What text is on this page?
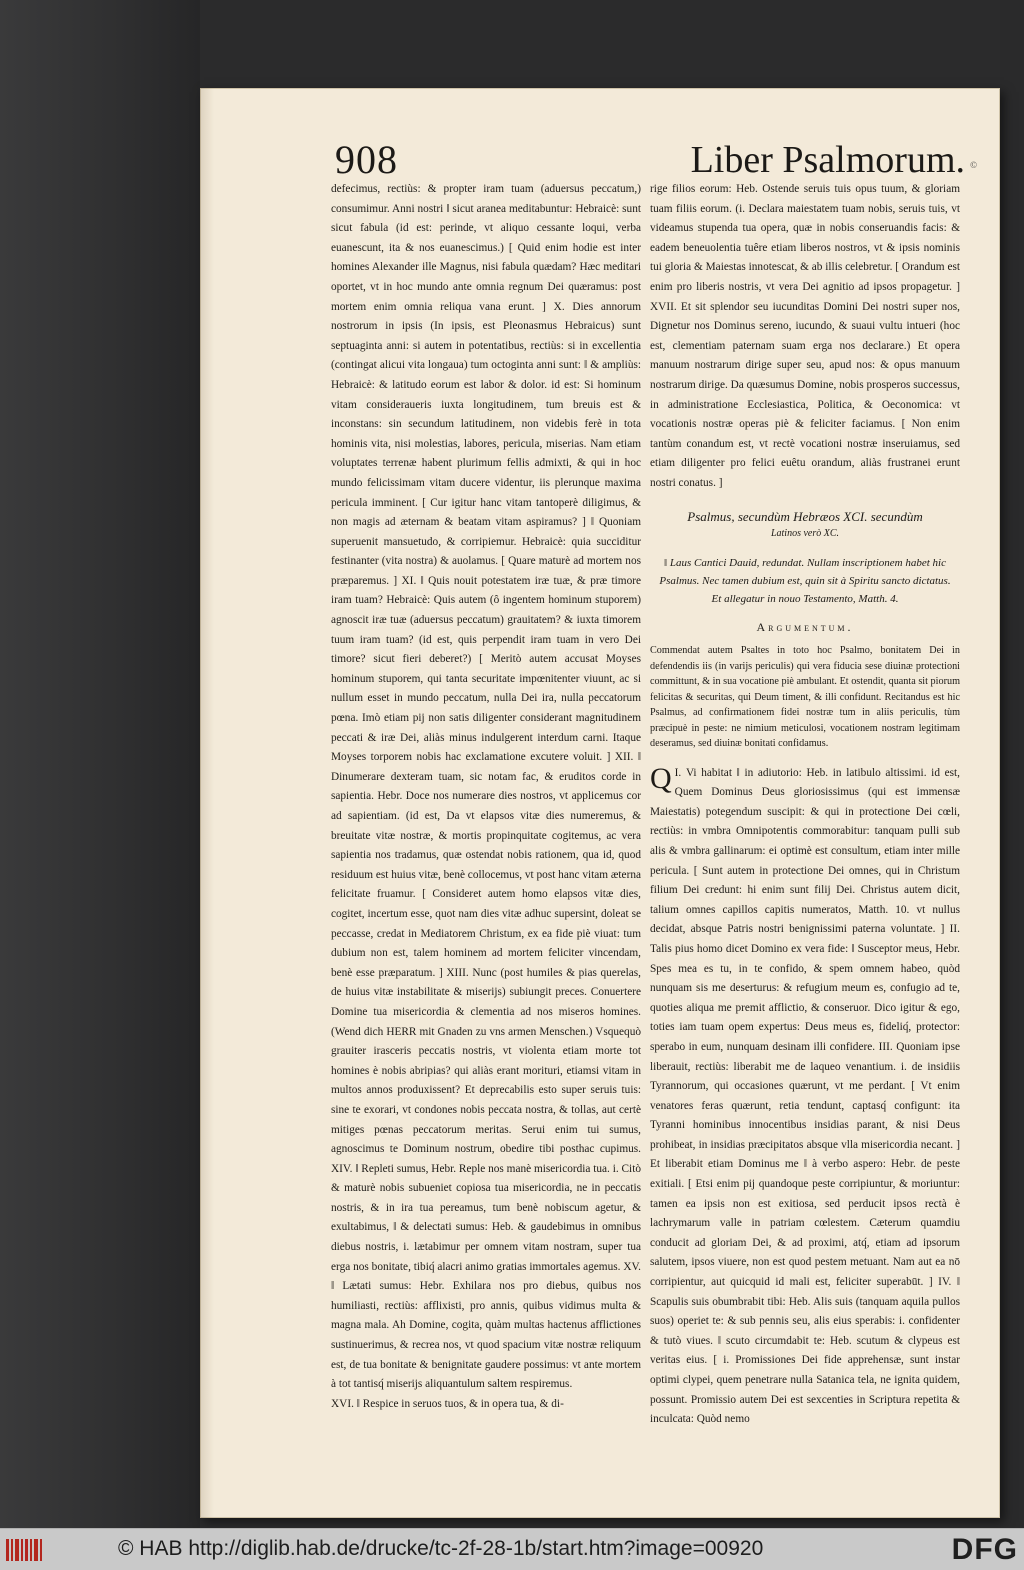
908	Liber Psalmorum. ©

defecimus, rectiùs: & propter iram tuam (aduersus peccatum,) consumimur. Anni nostri ‖ sicut aranea meditabuntur: Hebraicè: sunt sicut fabula (id est: perinde, vt aliquo cessante loqui, verba euanescunt, ita & nos euanescimus.) [ Quid enim hodie est inter homines Alexander ille Magnus, nisi fabula quædam? Hæc meditari oportet, vt in hoc mundo ante omnia regnum Dei quæramus: post mortem enim omnia reliqua vana erunt. ] X. Dies annorum nostrorum in ipsis (In ipsis, est Pleonasmus Hebraicus) sunt septuaginta anni: si autem in potentatibus, rectiùs: si in excellentia (contingat alicui vita longaua) tum octoginta anni sunt: ‖ & ampliùs: Hebraicè: & latitudo eorum est labor & dolor. id est: Si hominum vitam consideraueris iuxta longitudinem, tum breuis est & inconstans: sin secundum latitudinem, non videbis ferè in tota hominis vita, nisi molestias, labores, pericula, miserias. Nam etiam voluptates terrenæ habent plurimum fellis admixti, & qui in hoc mundo felicissimam vitam ducere videntur, iis plerunque maxima pericula imminent. [ Cur igitur hanc vitam tantoperè diligimus, & non magis ad æternam & beatam vitam aspiramus? ] ‖ Quoniam superuenit mansuetudo, & corripiemur. Hebraicè: quia succiditur festinanter (vita nostra) & auolamus. [ Quare maturè ad mortem nos præparemus. ] XI. ‖ Quis nouit potestatem iræ tuæ, & præ timore iram tuam? Hebraicè: Quis autem (ô ingentem hominum stuporem) agnoscit iræ tuæ (aduersus peccatum) grauitatem? & iuxta timorem tuum iram tuam? (id est, quis perpendit iram tuam in vero Dei timore? sicut fieri deberet?) [ Meritò autem accusat Moyses hominum stuporem, qui tanta securitate impœnitenter viuunt, ac si nullum esset in mundo peccatum, nulla Dei ira, nulla peccatorum pœna. Imò etiam pij non satis diligenter considerant magnitudinem peccati & iræ Dei, aliàs minus indulgerent interdum carni. Itaque Moyses torporem nobis hac exclamatione excutere voluit. ] XII. ‖ Dinumerare dexteram tuam, sic notam fac, & eruditos corde in sapientia. Hebr. Doce nos numerare dies nostros, vt applicemus cor ad sapientiam. (id est, Da vt elapsos vitæ dies numeremus, & breuitate vitæ nostræ, & mortis propinquitate cogitemus, ac vera sapientia nos tradamus, quæ ostendat nobis rationem, qua id, quod residuum est huius vitæ, benè collocemus, vt post hanc vitam æterna felicitate fruamur. [ Consideret autem homo elapsos vitæ dies, cogitet, incertum esse, quot nam dies vitæ adhuc supersint, doleat se peccasse, credat in Mediatorem Christum, ex ea fide piè viuat: tum dubium non est, talem hominem ad mortem feliciter vincendam, benè esse præparatum. ] XIII. Nunc (post humiles & pias querelas, de huius vitæ instabilitate & miserijs) subiungit preces. Conuertere Domine tua misericordia & clementia ad nos miseros homines. (Wend dich HERR mit Gnaden zu vns armen Menschen.) Vsquequò grauiter irasceris peccatis nostris, vt violenta etiam morte tot homines è nobis abripias? qui aliàs erant morituri, etiamsi vitam in multos annos produxissent? Et deprecabilis esto super seruis tuis: sine te exorari, vt condones nobis peccata nostra, & tollas, aut certè mitiges pœnas peccatorum meritas. Serui enim tui sumus, agnoscimus te Dominum nostrum, obedire tibi posthac cupimus. XIV. ‖ Repleti sumus, Hebr. Reple nos manè misericordia tua. i. Citò & maturè nobis subueniet copiosa tua misericordia, ne in peccatis nostris, & in ira tua pereamus, tum benè nobiscum agetur, & exultabimus, ‖ & delectati sumus: Heb. & gaudebimus in omnibus diebus nostris, i. lætabimur per omnem vitam nostram, super tua erga nos bonitate, tibiq́ alacri animo gratias immortales agemus. XV. ‖ Lætati sumus: Hebr. Exhilara nos pro diebus, quibus nos humiliasti, rectiùs: afflixisti, pro annis, quibus vidimus multa & magna mala. Ah Domine, cogita, quàm multas hactenus afflictiones sustinuerimus, & recrea nos, vt quod spacium vitæ nostræ reliquum est, de tua bonitate & benignitate gaudere possimus: vt ante mortem à tot tantisq́ miserijs aliquantulum saltem respiremus.

XVI. ‖ Respice in seruos tuos, & in opera tua, & di-

rige filios eorum: Heb. Ostende seruis tuis opus tuum, & gloriam tuam filiis eorum. (i. Declara maiestatem tuam nobis, seruis tuis, vt videamus stupenda tua opera, quæ in nobis conseruandis facis: & eadem beneuolentia tuêre etiam liberos nostros, vt & ipsis nominis tui gloria & Maiestas innotescat, & ab illis celebretur. [ Orandum est enim pro liberis nostris, vt vera Dei agnitio ad ipsos propagetur. ] XVII. Et sit splendor seu iucunditas Domini Dei nostri super nos, Dignetur nos Dominus sereno, iucundo, & suaui vultu intueri (hoc est, clementiam paternam suam erga nos declarare.) Et opera manuum nostrarum dirige super seu, apud nos: & opus manuum nostrarum dirige. Da quæsumus Domine, nobis prosperos successus, in administratione Ecclesiastica, Politica, & Oeconomica: vt vocationis nostræ operas piè & feliciter faciamus. [ Non enim tantùm conandum est, vt rectè vocationi nostræ inseruiamus, sed etiam diligenter pro felici euêtu orandum, aliàs frustranei erunt nostri conatus. ]

Psalmus, secundùm Hebræos XCI. secundùm
Latinos verò XC.

‖ Laus Cantici Dauid, redundat. Nullam inscriptionem habet hic Psalmus. Nec tamen dubium est, quin sit à Spiritu sancto dictatus. Et allegatur in nouo Testamento, Matth. 4.

Argumentum.

Commendat autem Psaltes in toto hoc Psalmo, bonitatem Dei in defendendis iis (in varijs periculis) qui vera fiducia sese diuinæ protectioni committunt, & in sua vocatione piè ambulant. Et ostendit, quanta sit piorum felicitas & securitas, qui Deum timent, & illi confidunt. Recitandus est hic Psalmus, ad confirmationem fidei nostræ tum in aliis periculis, tùm præcipuè in peste: ne nimium meticulosi, vocationem nostram legitimam deseramus, sed diuinæ bonitati confidamus.

I.
Q Vi habitat ‖ in adiutorio: Heb. in latibulo altissimi. id est, Quem Dominus Deus gloriosissimus (qui est immensæ Maiestatis) potegendum suscipit: & qui in protectione Dei cœli, rectiùs: in vmbra Omnipotentis commorabitur: tanquam pulli sub alis & vmbra gallinarum: ei optimè est consultum, etiam inter mille pericula. [ Sunt autem in protectione Dei omnes, qui in Christum filium Dei credunt: hi enim sunt filij Dei. Christus autem dicit, talium omnes capillos capitis numeratos, Matth. 10. vt nullus decidat, absque Patris nostri benignissimi paterna voluntate. ] II. Talis pius homo dicet Domino ex vera fide: ‖ Susceptor meus, Hebr. Spes mea es tu, in te confido, & spem omnem habeo, quòd nunquam sis me deserturus: & refugium meum es, confugio ad te, quoties aliqua me premit afflictio, & conseruor. Dico igitur & ego, toties iam tuam opem expertus: Deus meus es, fideliq́, protector: sperabo in eum, nunquam desinam illi confidere. III. Quoniam ipse liberauit, rectiùs: liberabit me de laqueo venantium. i. de insidiis Tyrannorum, qui occasiones quærunt, vt me perdant. [ Vt enim venatores feras quærunt, retia tendunt, captasq́ configunt: ita Tyranni hominibus innocentibus insidias parant, & nisi Deus prohibeat, in insidias præcipitatos absque vlla misericordia necant. ] Et liberabit etiam Dominus me ‖ à verbo aspero: Hebr. de peste exitiali. [ Etsi enim pij quandoque peste corripiuntur, & moriuntur: tamen ea ipsis non est exitiosa, sed perducit ipsos rectà è lachrymarum valle in patriam cœlestem. Cæterum quamdiu conducit ad gloriam Dei, & ad proximi, atq́, etiam ad ipsorum salutem, ipsos viuere, non est quod pestem metuant. Nam aut ea nō corripientur, aut quicquid id mali est, feliciter superabūt. ] IV. ‖ Scapulis suis obumbrabit tibi: Heb. Alis suis (tanquam aquila pullos suos) operiet te: & sub pennis seu, alis eius sperabis: i. confidenter & tutò viues. ‖ scuto circumdabit te: Heb. scutum & clypeus est veritas eius. [ i. Promissiones Dei fide apprehensæ, sunt instar optimi clypei, quem penetrare nulla Satanica tela, ne ignita quidem, possunt. Promissio autem Dei est sexcenties in Scriptura repetita & inculcata: Quòd nemo

© HAB http://diglib.hab.de/drucke/tc-2f-28-1b/start.htm?image=00920	DFG
